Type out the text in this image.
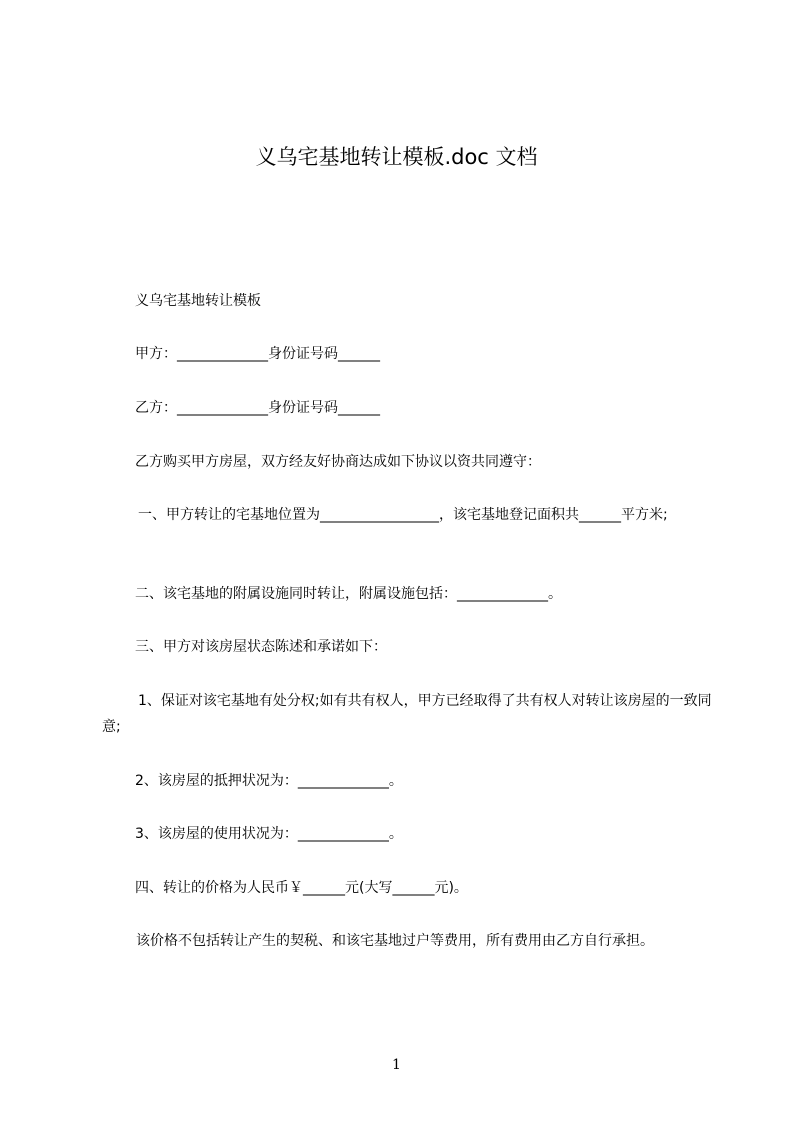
义乌宅基地转让模板.doc 文档

义乌宅基地转让模板

甲方：_____________身份证号码______

乙方：_____________身份证号码______

乙方购买甲方房屋，双方经友好协商达成如下协议以资共同遵守：

一、甲方转让的宅基地位置为_________________，该宅基地登记面积共______平方米;

二、该宅基地的附属设施同时转让，附属设施包括：_____________。

三、甲方对该房屋状态陈述和承诺如下：

1、保证对该宅基地有处分权;如有共有权人，甲方已经取得了共有权人对转让该房屋的一致同意;

2、该房屋的抵押状况为：_____________。

3、该房屋的使用状况为：_____________。

四、转让的价格为人民币￥______元(大写______元)。

该价格不包括转让产生的契税、和该宅基地过户等费用，所有费用由乙方自行承担。

1
